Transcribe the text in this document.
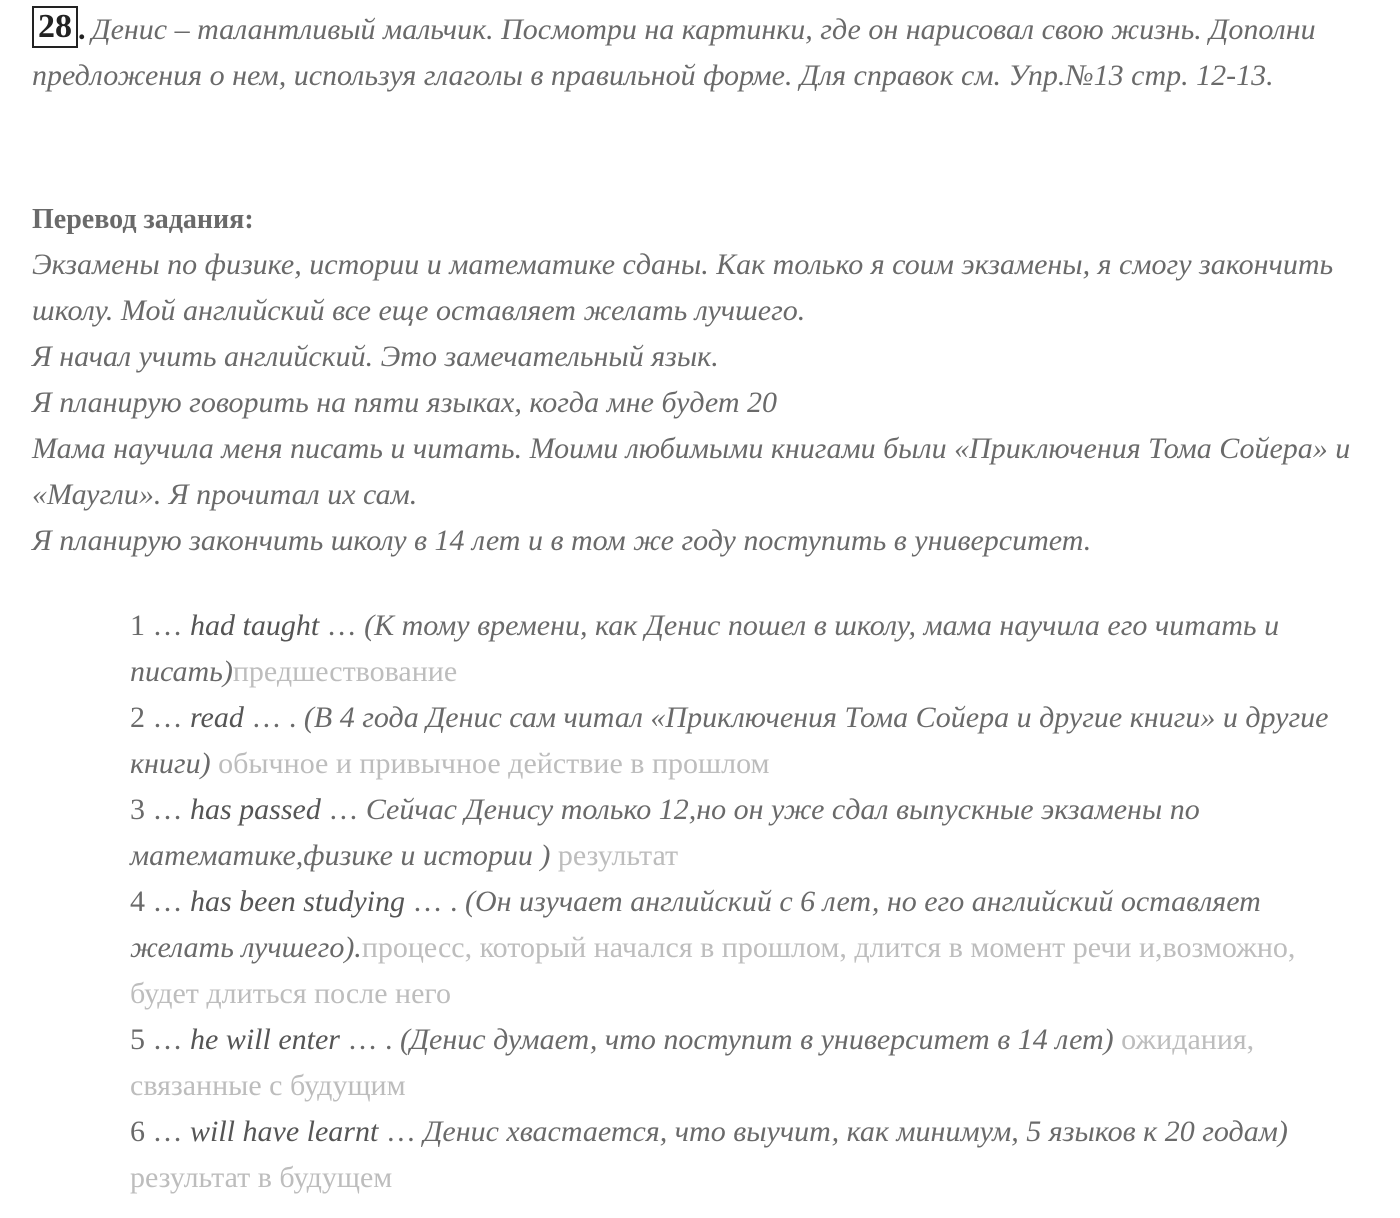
28 . Денис – талантливый мальчик. Посмотри на картинки, где он нарисовал свою жизнь. Дополни предложения о нем, используя глаголы в правильной форме. Для справок см. Упр.№13 стр. 12-13.
Перевод задания:
Экзамены по физике, истории и математике сданы. Как только я соим экзамены, я смогу закончить школу. Мой английский все еще оставляет желать лучшего.
Я начал учить английский. Это замечательный язык.
Я планирую говорить на пяти языках, когда мне будет 20
Мама научила меня писать и читать. Моими любимыми книгами были «Приключения Тома Сойера» и «Маугли». Я прочитал их сам.
Я планирую закончить школу в 14 лет и в том же году поступить в университет.
1 … had taught … (К тому времени, как Денис пошел в школу, мама научила его читать и писать)предшествование
2 … read … . (В 4 года Денис сам читал «Приключения Тома Сойера и другие книги» и другие книги) обычное и привычное действие в прошлом
3 … has passed … Сейчас Денису только 12,но он уже сдал выпускные экзамены по математике,физике и истории ) результат
4 … has been studying … . (Он изучает английский с 6 лет, но его английский оставляет желать лучшего).процесс, который начался в прошлом, длится в момент речи и,возможно, будет длиться после него
5 … he will enter … . (Денис думает, что поступит в университет в 14 лет) ожидания, связанные с будущим
6 … will have learnt … Денис хвастается, что выучит, как минимум, 5 языков к 20 годам) результат в будущем
